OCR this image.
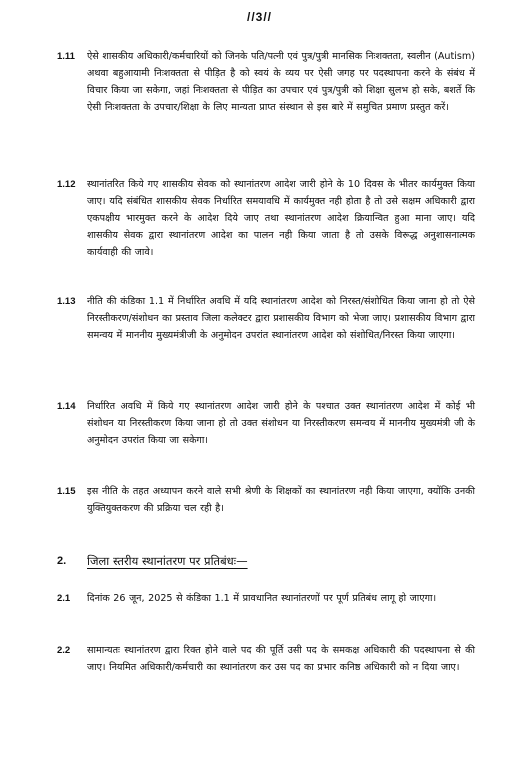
//3//
1.11 ऐसे शासकीय अधिकारी/कर्मचारियों को जिनके पति/पत्नी एवं पुत्र/पुत्री मानसिक निःशक्तता, स्वलीन (Autism) अथवा बहुआयामी निःशक्तता से पीड़ित है को स्वयं के व्यय पर ऐसी जगह पर पदस्थापना करने के संबंध में विचार किया जा सकेगा, जहां निःशक्तता से पीड़ित का उपचार एवं पुत्र/पुत्री को शिक्षा सुलभ हो सके, बशर्ते कि ऐसी निःशक्तता के उपचार/शिक्षा के लिए मान्यता प्राप्त संस्थान से इस बारे में समुचित प्रमाण प्रस्तुत करें।
1.12 स्थानांतरित किये गए शासकीय सेवक को स्थानांतरण आदेश जारी होने के 10 दिवस के भीतर कार्यमुक्त किया जाए। यदि संबंधित शासकीय सेवक निर्धारित समयावधि में कार्यमुक्त नही होता है तो उसे सक्षम अधिकारी द्वारा एकपक्षीय भारमुक्त करने के आदेश दिये जाए तथा स्थानांतरण आदेश क्रियान्वित हुआ माना जाए। यदि शासकीय सेवक द्वारा स्थानांतरण आदेश का पालन नही किया जाता है तो उसके विरूद्ध अनुशासनात्मक कार्यवाही की जावे।
1.13 नीति की कंडिका 1.1 में निर्धारित अवधि में यदि स्थानांतरण आदेश को निरस्त/संशोधित किया जाना हो तो ऐसे निरस्तीकरण/संशोधन का प्रस्ताव जिला कलेक्टर द्वारा प्रशासकीय विभाग को भेजा जाए। प्रशासकीय विभाग द्वारा समन्वय में माननीय मुख्यमंत्रीजी के अनुमोदन उपरांत स्थानांतरण आदेश को संशोधित/निरस्त किया जाएगा।
1.14 निर्धारित अवधि में किये गए स्थानांतरण आदेश जारी होने के पश्चात उक्त स्थानांतरण आदेश में कोई भी संशोधन या निरस्तीकरण किया जाना हो तो उक्त संशोधन या निरस्तीकरण समन्वय में माननीय मुख्यमंत्री जी के अनुमोदन उपरांत किया जा सकेगा।
1.15 इस नीति के तहत अध्यापन करने वाले सभी श्रेणी के शिक्षकों का स्थानांतरण नही किया जाएगा, क्योंकि उनकी युक्तियुक्तकरण की प्रक्रिया चल रही है।
2. जिला स्तरीय स्थानांतरण पर प्रतिबंधः—
2.1 दिनांक 26 जून, 2025 से कंडिका 1.1 में प्रावधानित स्थानांतरणों पर पूर्ण प्रतिबंध लागू हो जाएगा।
2.2 सामान्यतः स्थानांतरण द्वारा रिक्त होने वाले पद की पूर्ति उसी पद के समकक्ष अधिकारी की पदस्थापना से की जाए। नियमित अधिकारी/कर्मचारी का स्थानांतरण कर उस पद का प्रभार कनिष्ठ अधिकारी को न दिया जाए।
